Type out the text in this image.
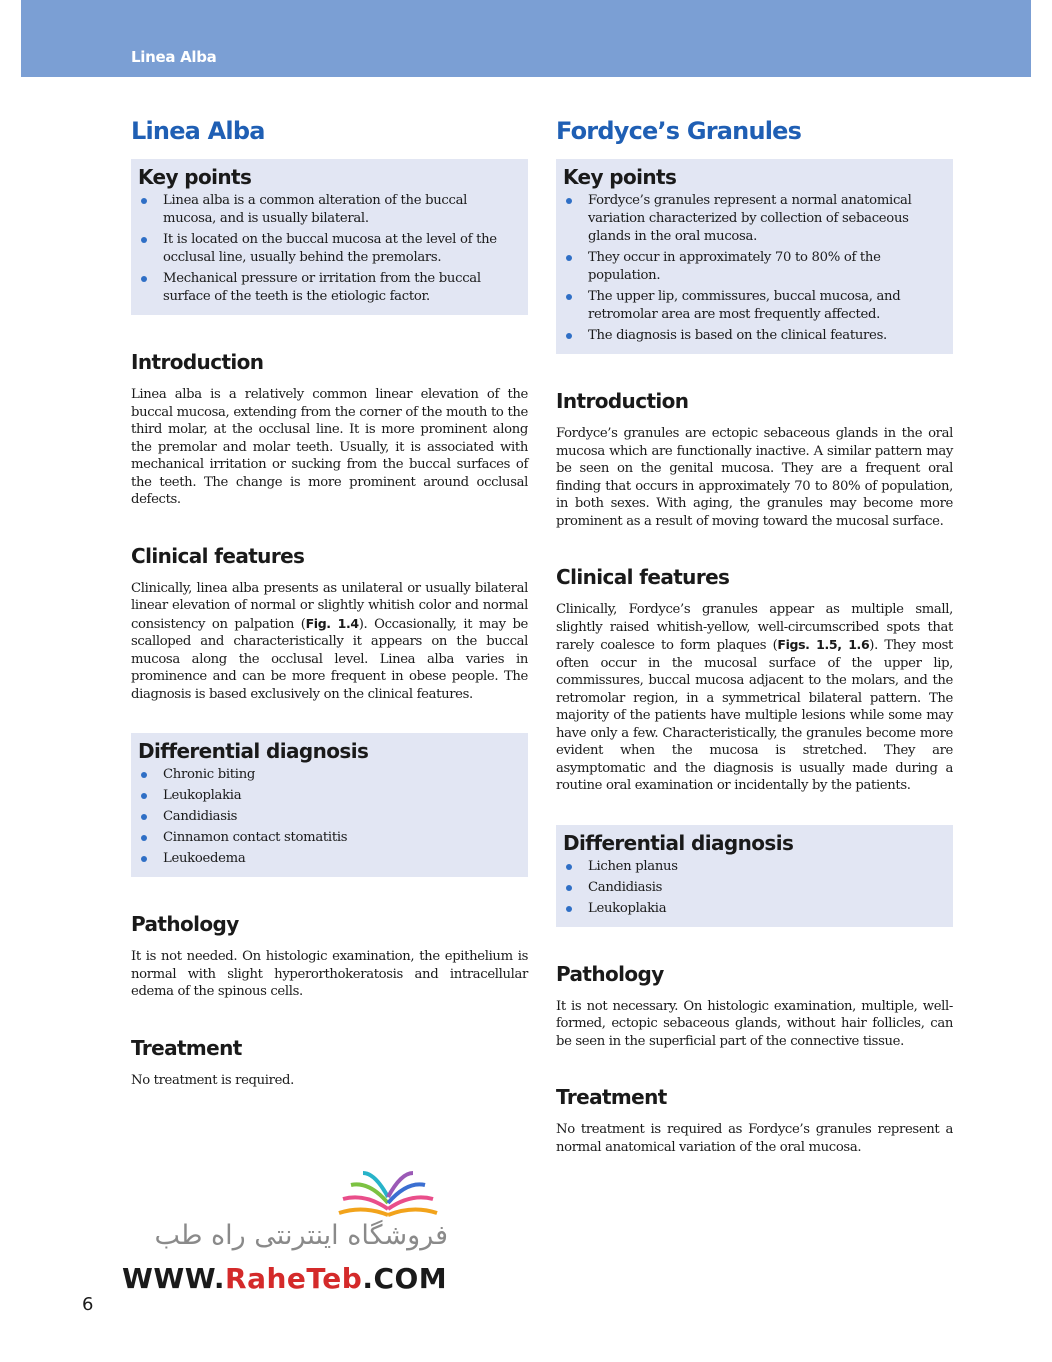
Linea Alba
Linea Alba
Key points
Linea alba is a common alteration of the buccal mucosa, and is usually bilateral.
It is located on the buccal mucosa at the level of the occlusal line, usually behind the premolars.
Mechanical pressure or irritation from the buccal surface of the teeth is the etiologic factor.
Introduction

Linea alba is a relatively common linear elevation of the buccal mucosa, extending from the corner of the mouth to the third molar, at the occlusal line. It is more prominent along the premolar and molar teeth. Usually, it is associated with mechanical irritation or sucking from the buccal surfaces of the teeth. The change is more prominent around occlusal defects.

Clinical features

Clinically, linea alba presents as unilateral or usually bilateral linear elevation of normal or slightly whitish color and normal consistency on palpation (Fig. 1.4). Occasionally, it may be scalloped and characteristically it appears on the buccal mucosa along the occlusal level. Linea alba varies in prominence and can be more frequent in obese people. The diagnosis is based exclusively on the clinical features.

Differential diagnosis
Chronic biting
Leukoplakia
Candidiasis
Cinnamon contact stomatitis
Leukoedema
Pathology

It is not needed. On histologic examination, the epithelium is normal with slight hyperorthokeratosis and intracellular edema of the spinous cells.

Treatment

No treatment is required.

Fordyce’s Granules
Key points
Fordyce’s granules represent a normal anatomical variation characterized by collection of sebaceous glands in the oral mucosa.
They occur in approximately 70 to 80% of the population.
The upper lip, commissures, buccal mucosa, and retromolar area are most frequently affected.
The diagnosis is based on the clinical features.
Introduction

Fordyce’s granules are ectopic sebaceous glands in the oral mucosa which are functionally inactive. A similar pattern may be seen on the genital mucosa. They are a frequent oral finding that occurs in approximately 70 to 80% of population, in both sexes. With aging, the granules may become more prominent as a result of moving toward the mucosal surface.

Clinical features

Clinically, Fordyce’s granules appear as multiple small, slightly raised whitish-yellow, well-circumscribed spots that rarely coalesce to form plaques (Figs. 1.5, 1.6). They most often occur in the mucosal surface of the upper lip, commissures, buccal mucosa adjacent to the molars, and the retromolar region, in a symmetrical bilateral pattern. The majority of the patients have multiple lesions while some may have only a few. Characteristically, the granules become more evident when the mucosa is stretched. They are asymptomatic and the diagnosis is usually made during a routine oral examination or incidentally by the patients.

Differential diagnosis
Lichen planus
Candidiasis
Leukoplakia
Pathology

It is not necessary. On histologic examination, multiple, well-formed, ectopic sebaceous glands, without hair follicles, can be seen in the superficial part of the connective tissue.

Treatment

No treatment is required as Fordyce’s granules represent a normal anatomical variation of the oral mucosa.

فروشگاه اینترنتی راه طب
WWW.RaheTeb.COM
6
